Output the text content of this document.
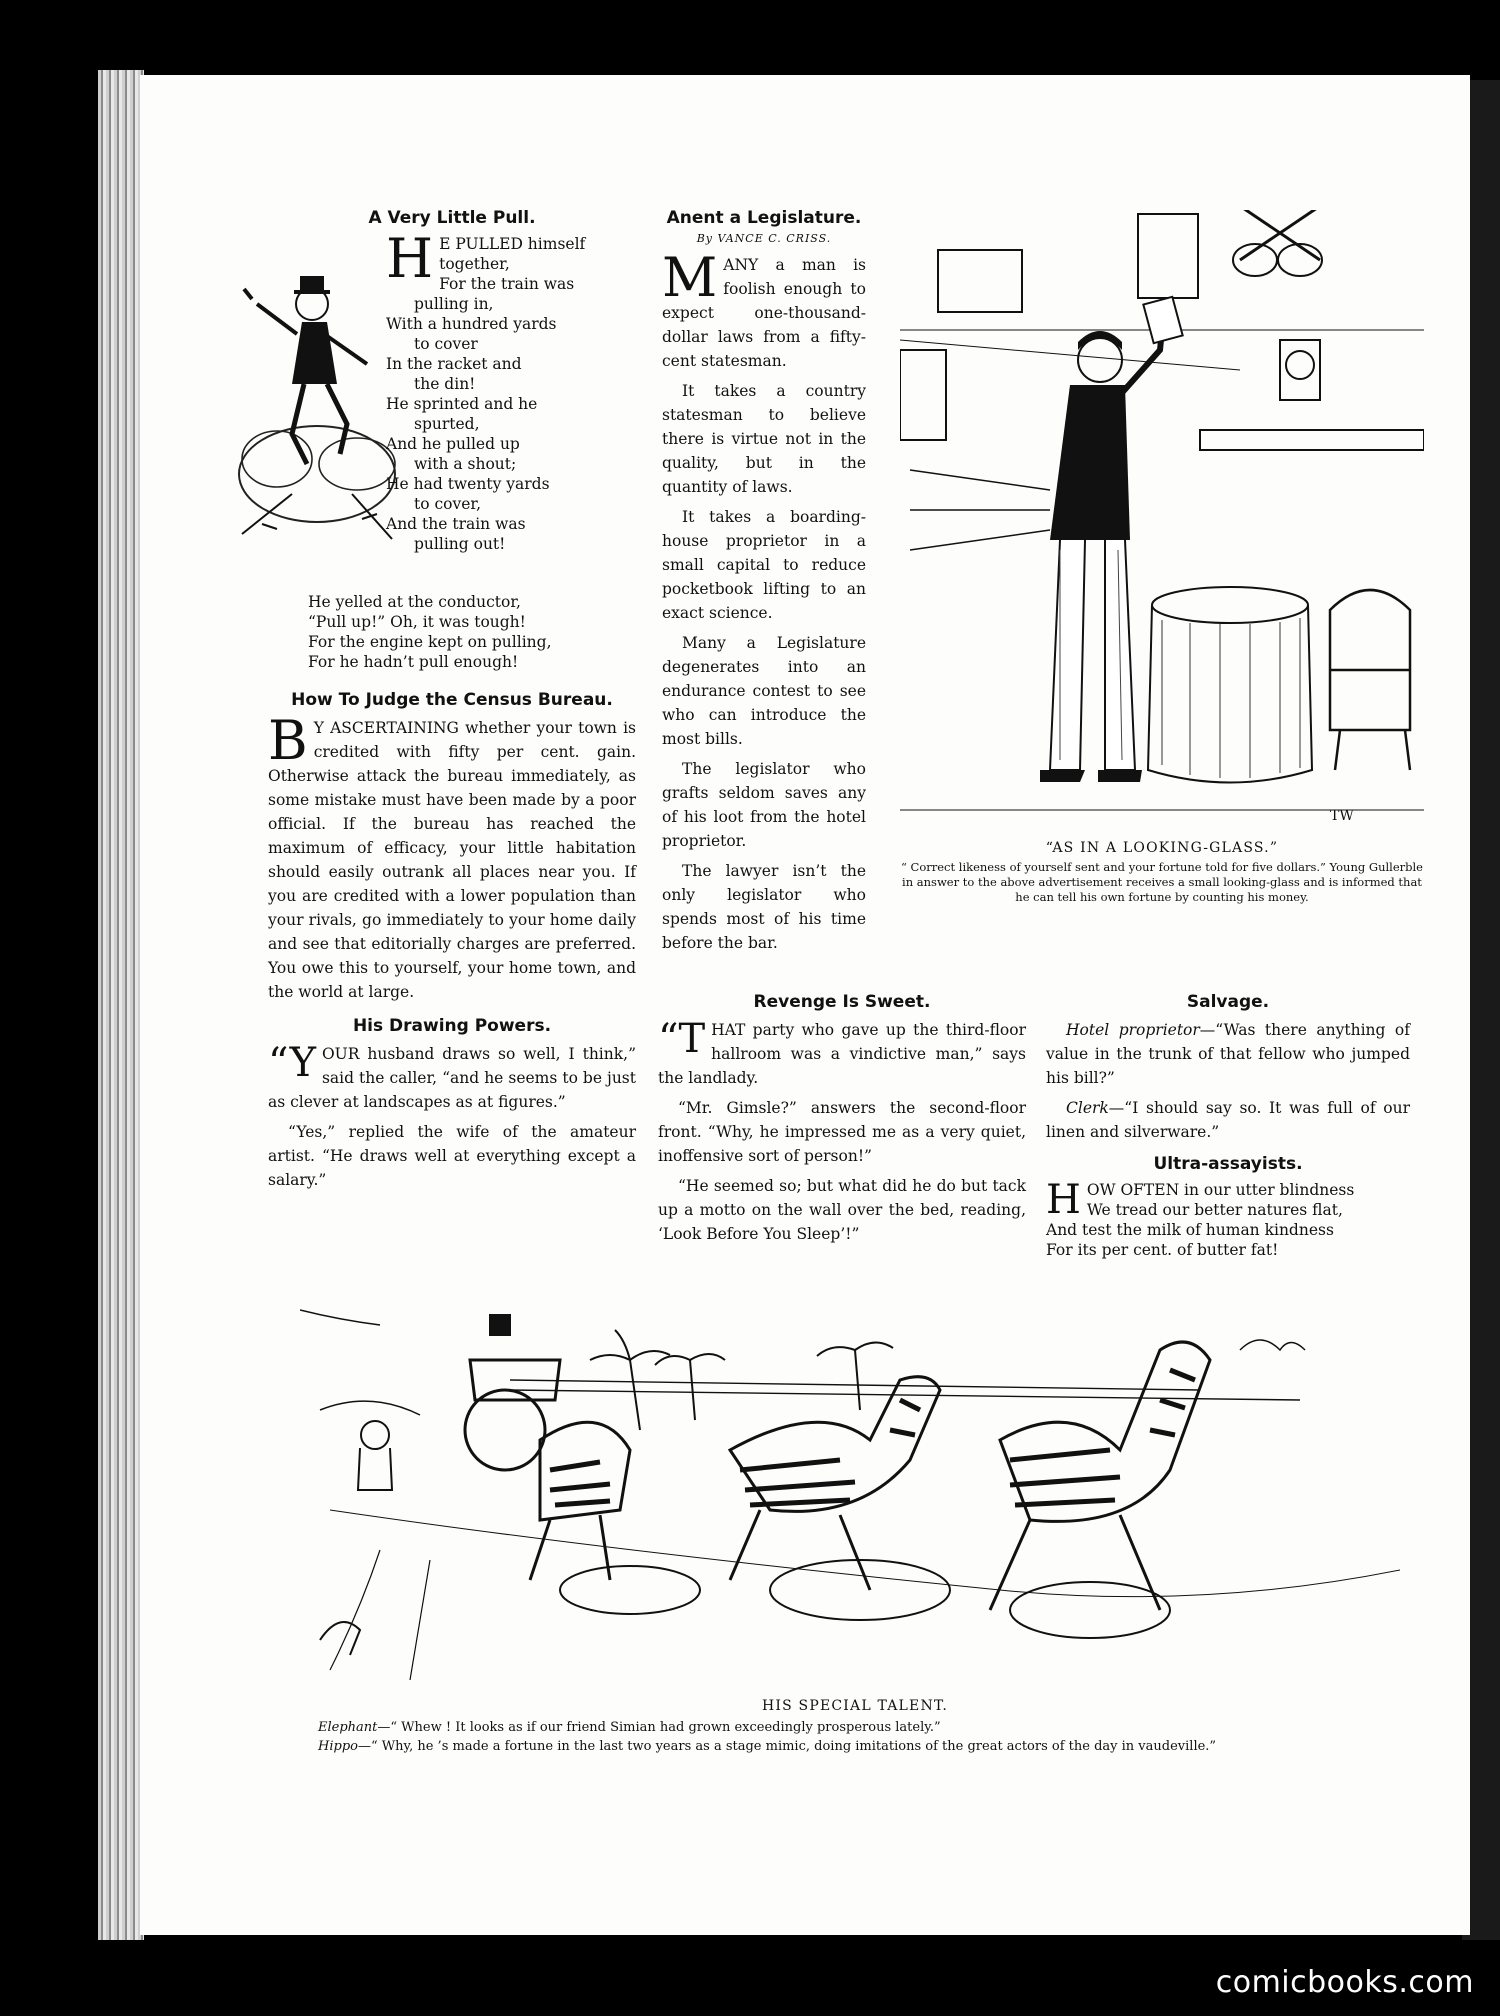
A Very Little Pull.
H E PULLED himself
together,
For the train was
pulling in,
With a hundred yards
to cover
In the racket and
the din!
He sprinted and he
spurted,
And he pulled up
with a shout;
He had twenty yards
to cover,
And the train was
pulling out!
He yelled at the conductor,
“Pull up!” Oh, it was tough!
For the engine kept on pulling,
For he hadn’t pull enough!
How To Judge the Census Bureau.

B Y ASCERTAINING whether your town is credited with fifty per cent. gain. Otherwise attack the bureau immediately, as some mistake must have been made by a poor official. If the bureau has reached the maximum of efficacy, your little habitation should easily outrank all places near you. If you are credited with a lower population than your rivals, go immediately to your home daily and see that editorially charges are preferred. You owe this to yourself, your home town, and the world at large.

His Drawing Powers.

“YOUR husband draws so well, I think,” said the caller, “and he seems to be just as clever at landscapes as at figures.”

“Yes,” replied the wife of the amateur artist. “He draws well at everything except a salary.”

Anent a Legislature.
By VANCE C. CRISS.

MANY a man is foolish enough to expect one-thousand-dollar laws from a fifty-cent statesman.

It takes a country statesman to believe there is virtue not in the quality, but in the quantity of laws.

It takes a boarding-house proprietor in a small capital to reduce pocketbook lifting to an exact science.

Many a Legislature degenerates into an endurance contest to see who can introduce the most bills.

The legislator who grafts seldom saves any of his loot from the hotel proprietor.

The lawyer isn’t the only legislator who spends most of his time before the bar.

TW
“AS IN A LOOKING-GLASS.”
“ Correct likeness of yourself sent and your fortune told for five dollars.” Young Gullerble in answer to the above advertisement receives a small looking-glass and is informed that he can tell his own fortune by counting his money.
Revenge Is Sweet.

“THAT party who gave up the third-floor hallroom was a vindictive man,” says the landlady.

“Mr. Gimsle?” answers the second-floor front. “Why, he impressed me as a very quiet, inoffensive sort of person!”

“He seemed so; but what did he do but tack up a motto on the wall over the bed, reading, ‘Look Before You Sleep’!”

Salvage.

Hotel proprietor—“Was there anything of value in the trunk of that fellow who jumped his bill?”

Clerk—“I should say so. It was full of our linen and silverware.”

Ultra-assayists.
H OW OFTEN in our utter blindness
We tread our better natures flat,
And test the milk of human kindness
For its per cent. of butter fat!
HIS SPECIAL TALENT.

Elephant—“ Whew ! It looks as if our friend Simian had grown exceedingly prosperous lately.”

Hippo—“ Why, he ’s made a fortune in the last two years as a stage mimic, doing imitations of the great actors of the day in vaudeville.”

comicbooks.com
